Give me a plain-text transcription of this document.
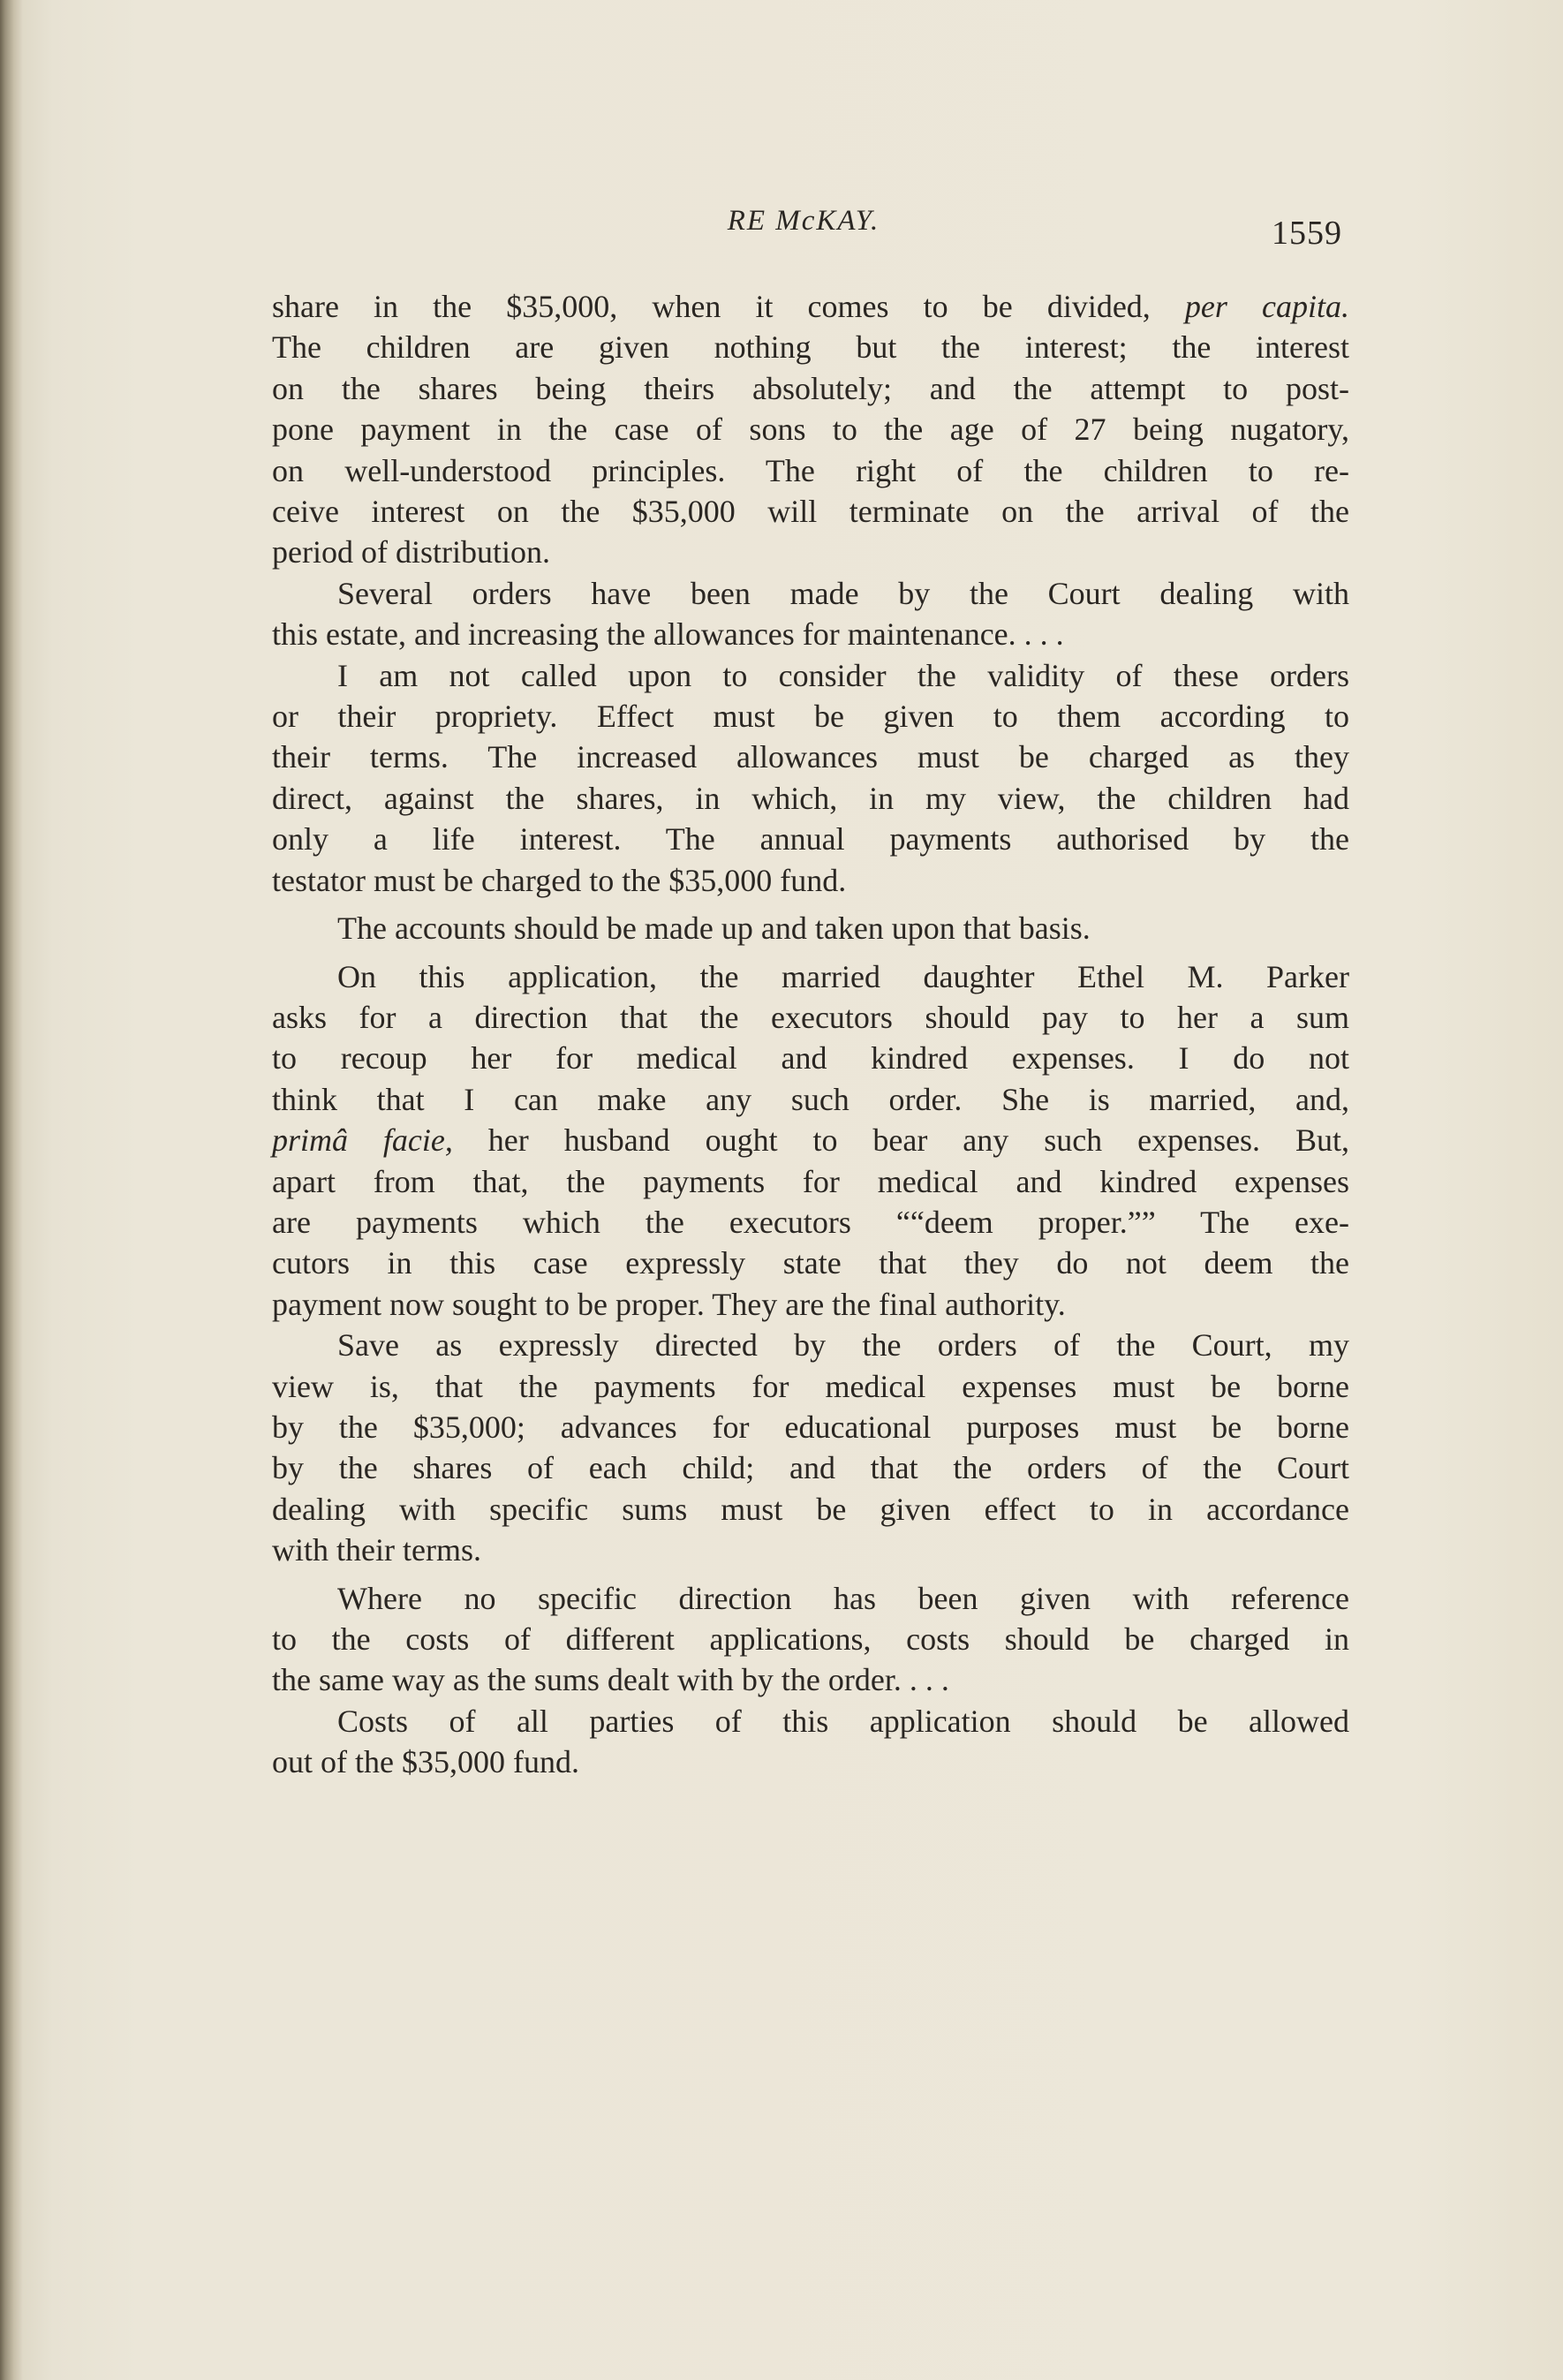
RE McKAY.	1559

share in the $35,000, when it comes to be divided, per capita.
The children are given nothing but the interest; the interest
on the shares being theirs absolutely; and the attempt to post-
pone payment in the case of sons to the age of 27 being nugatory,
on well-understood principles. The right of the children to re-
ceive interest on the $35,000 will terminate on the arrival of the
period of distribution.

Several orders have been made by the Court dealing with
this estate, and increasing the allowances for maintenance. . . .

I am not called upon to consider the validity of these orders
or their propriety. Effect must be given to them according to
their terms. The increased allowances must be charged as they
direct, against the shares, in which, in my view, the children had
only a life interest. The annual payments authorised by the
testator must be charged to the $35,000 fund.

The accounts should be made up and taken upon that basis.

On this application, the married daughter Ethel M. Parker
asks for a direction that the executors should pay to her a sum
to recoup her for medical and kindred expenses. I do not
think that I can make any such order. She is married, and,
primâ facie, her husband ought to bear any such expenses. But,
apart from that, the payments for medical and kindred expenses
are payments which the executors ““deem proper.”” The exe-
cutors in this case expressly state that they do not deem the
payment now sought to be proper. They are the final authority.

Save as expressly directed by the orders of the Court, my
view is, that the payments for medical expenses must be borne
by the $35,000; advances for educational purposes must be borne
by the shares of each child; and that the orders of the Court
dealing with specific sums must be given effect to in accordance
with their terms.

Where no specific direction has been given with reference
to the costs of different applications, costs should be charged in
the same way as the sums dealt with by the order. . . .

Costs of all parties of this application should be allowed
out of the $35,000 fund.
